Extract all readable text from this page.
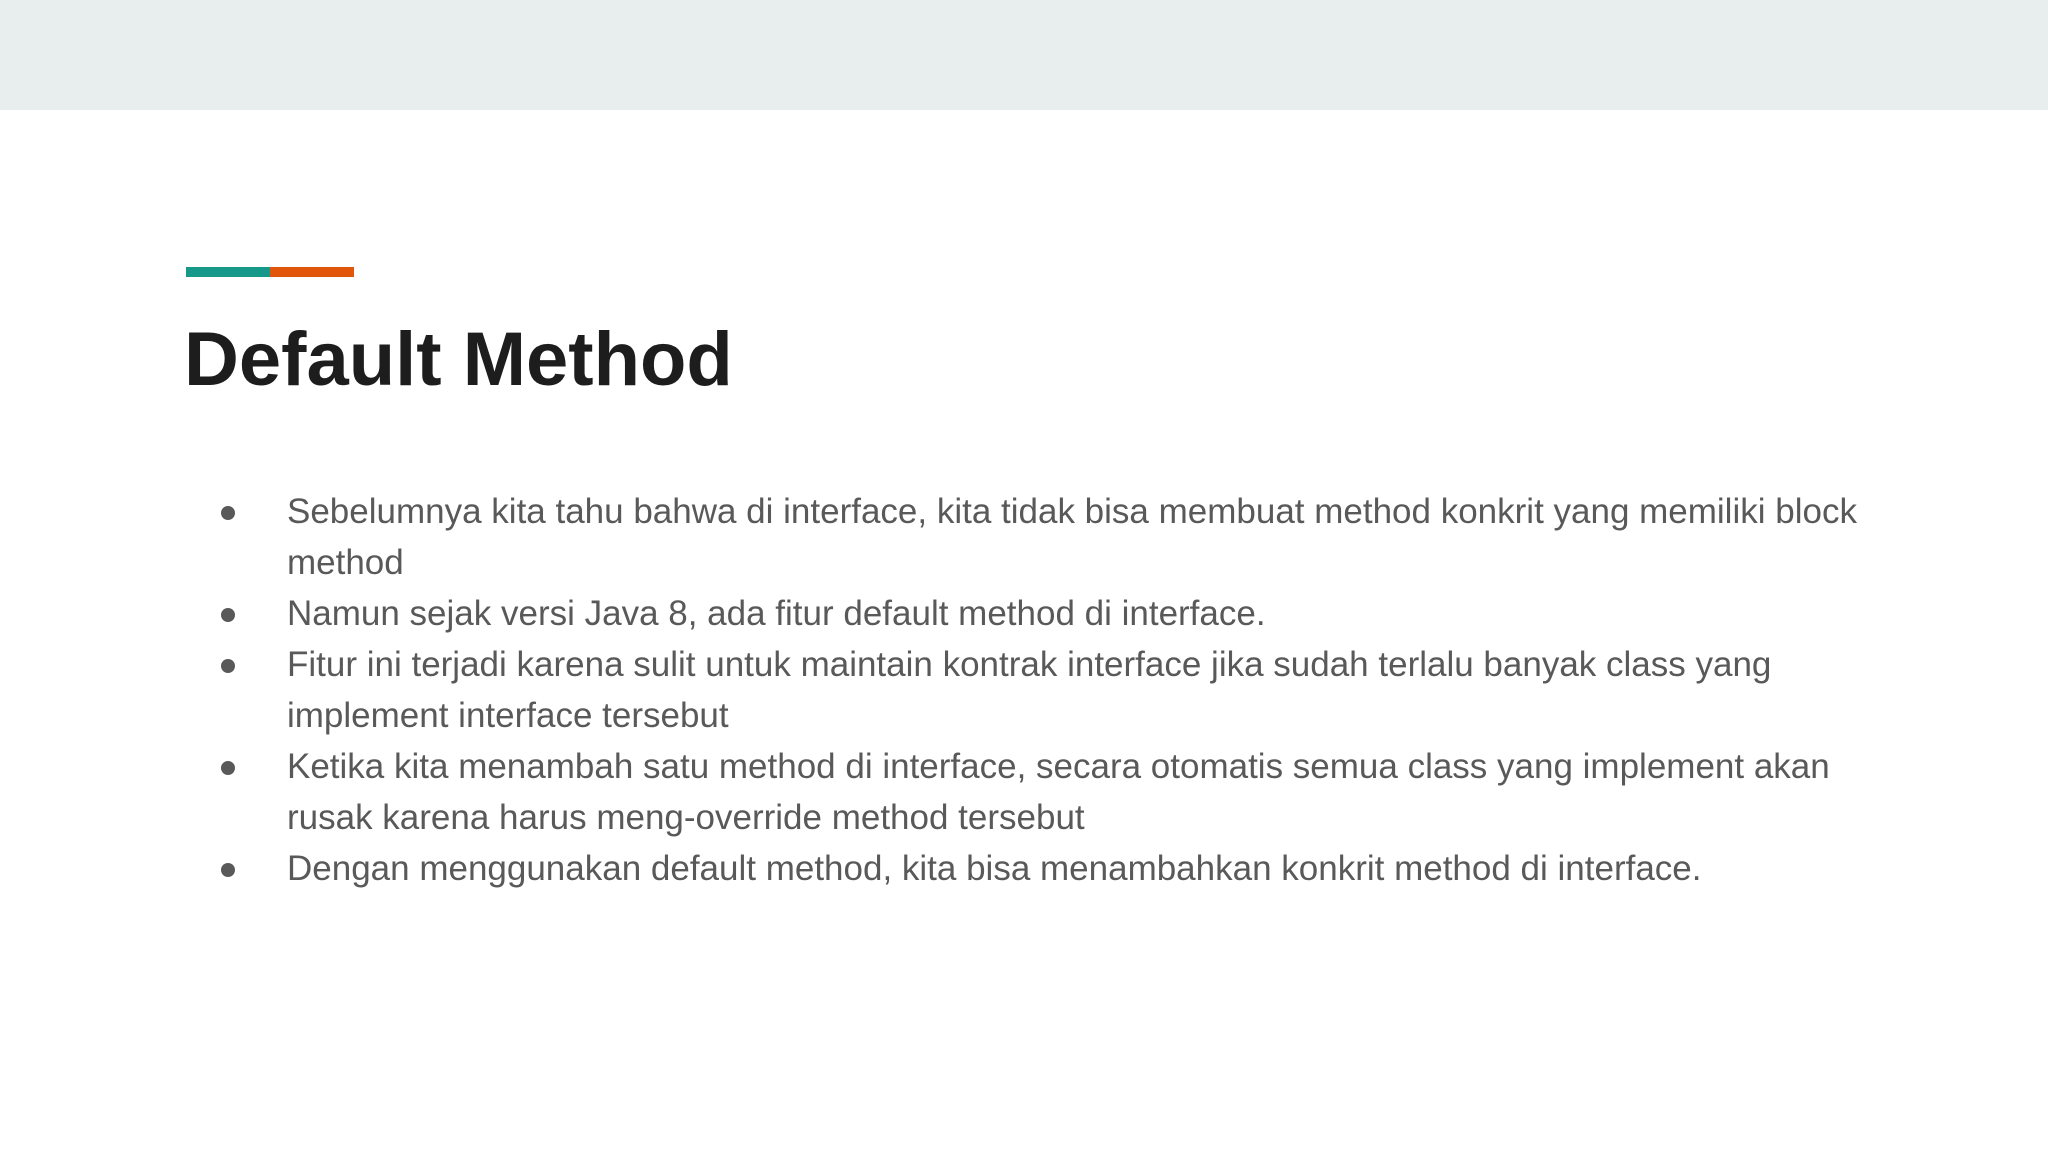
Default Method
Sebelumnya kita tahu bahwa di interface, kita tidak bisa membuat method konkrit yang memiliki block method
Namun sejak versi Java 8, ada fitur default method di interface.
Fitur ini terjadi karena sulit untuk maintain kontrak interface jika sudah terlalu banyak class yang implement interface tersebut
Ketika kita menambah satu method di interface, secara otomatis semua class yang implement akan rusak karena harus meng-override method tersebut
Dengan menggunakan default method, kita bisa menambahkan konkrit method di interface.
